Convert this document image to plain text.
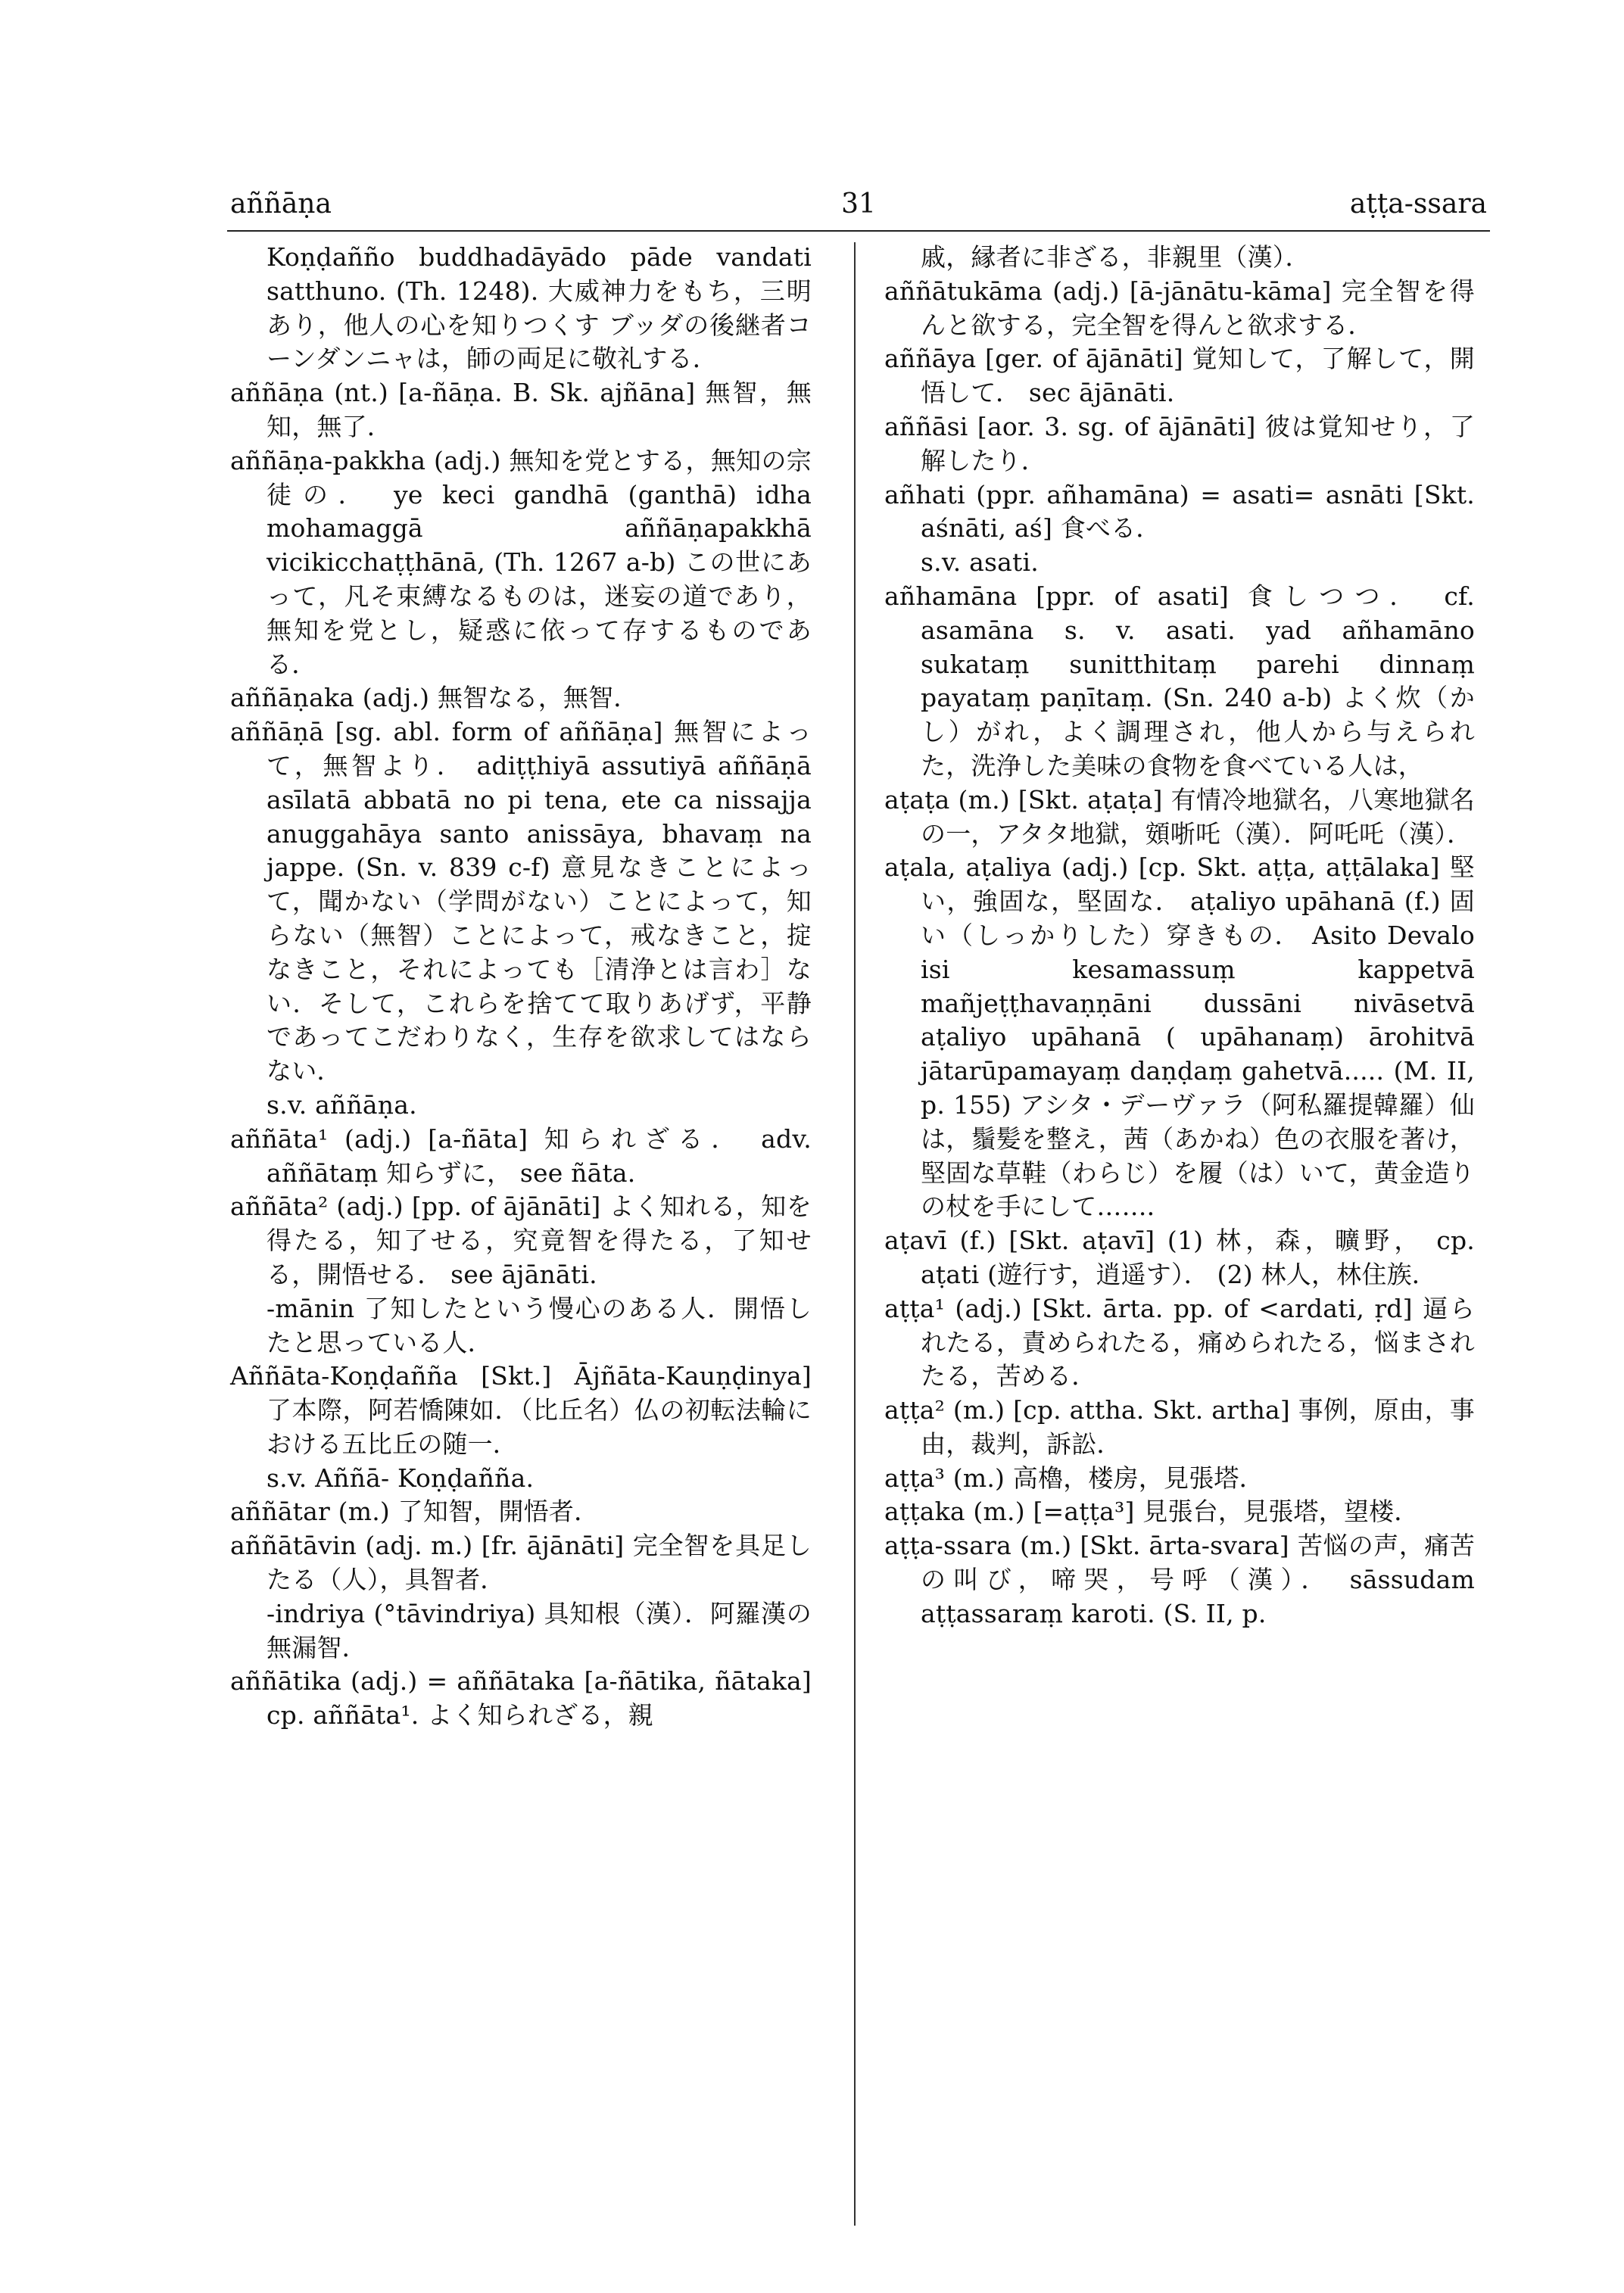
aññāṇa	31	aṭṭa-ssara

Koṇḍañño buddhadāyādo pāde vandati satthuno. (Th. 1248). 大威神力をもち，三明あり，他人の心を知りつくす ブッダの後継者コーンダンニャは，師の両足に敬礼する．

aññāṇa (nt.) [a-ñāṇa. B. Sk. ajñāna] 無智，無知，無了．

aññāṇa-pakkha (adj.) 無知を党とする，無知の宗徒の． ye keci gandhā (ganthā) idha mohamaggā aññāṇapakkhā vicikicchaṭṭhānā, (Th. 1267 a-b) この世にあって，凡そ束縛なるものは，迷妄の道であり，無知を党とし，疑惑に依って存するものである．

aññāṇaka (adj.) 無智なる，無智．

aññāṇā [sg. abl. form of aññāṇa] 無智によって，無智より． adiṭṭhiyā assutiyā aññāṇā asīlatā abbatā no pi tena, ete ca nissajja anuggahāya santo anissāya, bhavaṃ na jappe. (Sn. v. 839 c-f) 意見なきことによって，聞かない（学問がない）ことによって，知らない（無智）ことによって，戒なきこと，掟なきこと，それによっても［清浄とは言わ］ない．そして，これらを捨てて取りあげず，平静であってこだわりなく，生存を欲求してはならない．

s.v. aññāṇa.

aññāta¹ (adj.) [a-ñāta] 知られざる． adv. aññātaṃ 知らずに， see ñāta.

aññāta² (adj.) [pp. of ājānāti] よく知れる，知を得たる，知了せる，究竟智を得たる，了知せる，開悟せる． see ājānāti.

-mānin 了知したという慢心のある人．開悟したと思っている人．

Aññāta-Koṇḍañña [Skt.] Ājñāta-Kauṇḍinya] 了本際，阿若憍陳如．（比丘名）仏の初転法輪における五比丘の随一．

s.v. Aññā- Koṇḍañña.

aññātar (m.) 了知智，開悟者．

aññātāvin (adj. m.) [fr. ājānāti] 完全智を具足したる（人），具智者．

-indriya (°tāvindriya) 具知根（漢）．阿羅漢の無漏智．

aññātika (adj.) = aññātaka [a-ñātika, ñātaka] cp. aññāta¹. よく知られざる，親

戚，縁者に非ざる，非親里（漢）．

aññātukāma (adj.) [ā-jānātu-kāma] 完全智を得んと欲する，完全智を得んと欲求する．

aññāya [ger. of ājānāti] 覚知して，了解して，開悟して． sec ājānāti.

aññāsi [aor. 3. sg. of ājānāti] 彼は覚知せり，了解したり．

añhati (ppr. añhamāna) = asati= asnāti [Skt. aśnāti, aś] 食べる．

s.v. asati.

añhamāna [ppr. of asati] 食しつつ． cf. asamāna s. v. asati. yad añhamāno sukataṃ sunitthitaṃ parehi dinnaṃ payataṃ paṇītaṃ. (Sn. 240 a-b) よく炊（かし）がれ，よく調理され，他人から与えられた，洗浄した美味の食物を食べている人は，

aṭaṭa (m.) [Skt. aṭaṭa] 有情冷地獄名，八寒地獄名の一，アタタ地獄，頞哳吒（漢）．阿吒吒（漢）．

aṭala, aṭaliya (adj.) [cp. Skt. aṭṭa, aṭṭālaka] 堅い，強固な，堅固な． aṭaliyo upāhanā (f.) 固い（しっかりした）穿きもの． Asito Devalo isi kesamassuṃ kappetvā mañjeṭṭhavaṇṇāni dussāni nivāsetvā aṭaliyo upāhanā ( upāhanaṃ) ārohitvā jātarūpamayaṃ daṇḍaṃ gahetvā..... (M. II, p. 155) アシタ・デーヴァラ（阿私羅提韓羅）仙は，鬚髪を整え，茜（あかね）色の衣服を著け，堅固な草鞋（わらじ）を履（は）いて，黄金造りの杖を手にして……．

aṭavī (f.) [Skt. aṭavī] (1) 林，森，曠野， cp. aṭati (遊行す，逍遥す）． (2) 林人，林住族．

aṭṭa¹ (adj.) [Skt. ārta. pp. of <ardati, ṛd] 逼られたる，責められたる，痛められたる，悩まされたる，苦める．

aṭṭa² (m.) [cp. attha. Skt. artha] 事例，原由，事由，裁判，訴訟．

aṭṭa³ (m.) 高櫓，楼房，見張塔．

aṭṭaka (m.) [=aṭṭa³] 見張台，見張塔，望楼．

aṭṭa-ssara (m.) [Skt. ārta-svara] 苦悩の声，痛苦の叫び，啼哭，号呼（漢）． sāssudam aṭṭassaraṃ karoti. (S. II, p.
